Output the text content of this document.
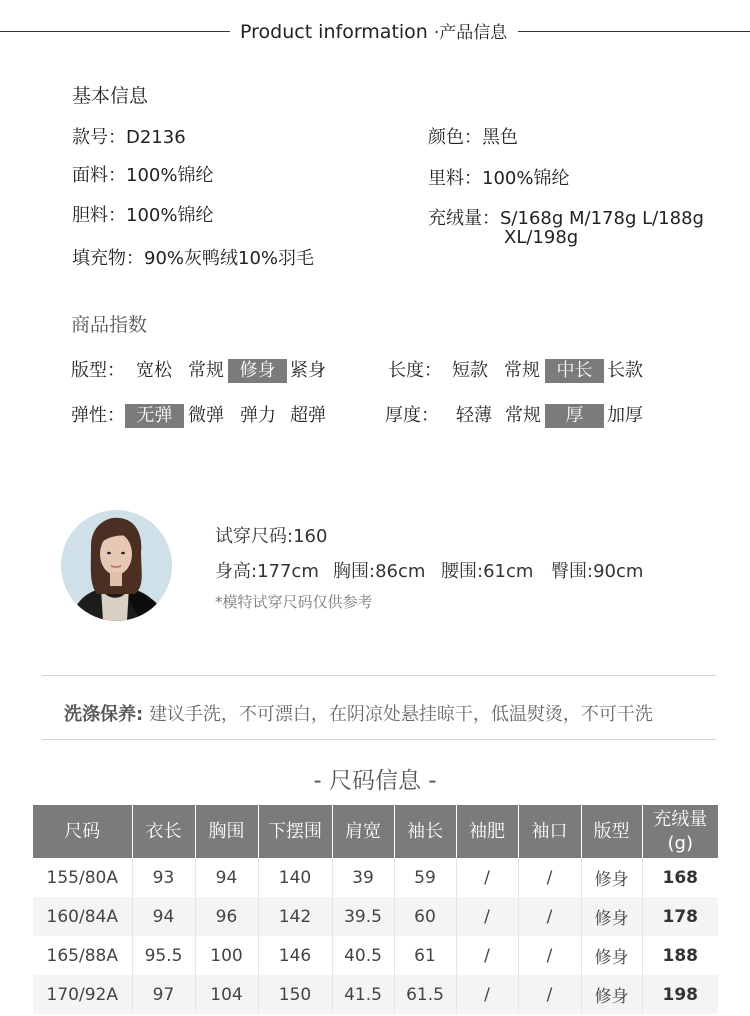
Product information ·产品信息
基本信息
款号：D2136	颜色：黑色
面料：100%锦纶	里料：100%锦纶
胆料：100%锦纶	充绒量：S/168g M/178g L/188g
XL/198g
填充物：90%灰鸭绒10%羽毛
商品指数
版型： 宽松 常规 修身 紧身	长度： 短款 常规 中长 长款
弹性： 无弹 微弹 弹力 超弹	厚度： 轻薄 常规	厚	加厚
试穿尺码:160
身高:177cm 胸围:86cm 腰围:61cm 臀围:90cm
*模特试穿尺码仅供参考
洗涤保养: 建议手洗，不可漂白，在阴凉处悬挂晾干，低温熨烫，不可干洗
- 尺码信息 -
尺码	衣长	胸围	下摆围	肩宽	袖长	袖肥	袖口	版型	充绒量
(g)
155/80A	93	94	140	39	59	/	/	修身	168
160/84A	94	96	142	39.5	60	/	/	修身	178
165/88A	95.5	100	146	40.5	61	/	/	修身	188
170/92A	97	104	150	41.5	61.5	/	/	修身	198
